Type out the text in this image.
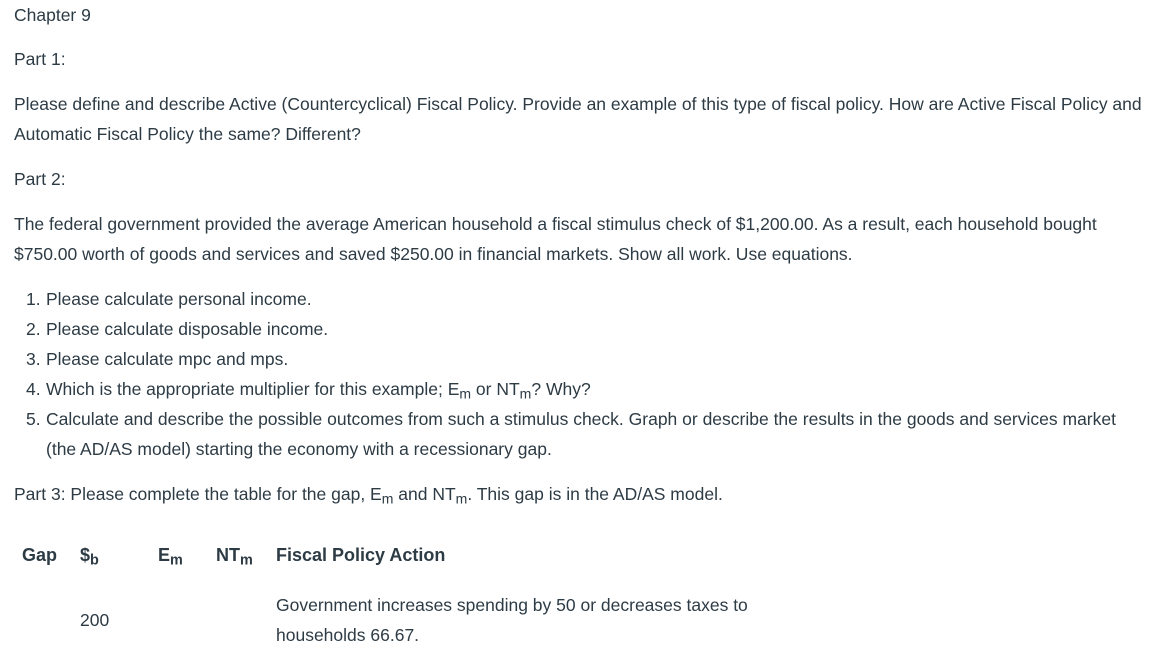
Chapter 9

Part 1:

Please define and describe Active (Countercyclical) Fiscal Policy. Provide an example of this type of fiscal policy. How are Active Fiscal Policy and Automatic Fiscal Policy the same? Different?

Part 2:

The federal government provided the average American household a fiscal stimulus check of $1,200.00. As a result, each household bought $750.00 worth of goods and services and saved $250.00 in financial markets. Show all work. Use equations.

1. Please calculate personal income.
2. Please calculate disposable income.
3. Please calculate mpc and mps.
4. Which is the appropriate multiplier for this example; $E_m$ or $NT_m$? Why?
5. Calculate and describe the possible outcomes from such a stimulus check. Graph or describe the results in the goods and services market (the AD/AS model) starting the economy with a recessionary gap.

Part 3: Please complete the table for the gap, $E_m$ and $NT_m$. This gap is in the AD/AS model.

Gap	$\$_b$	$E_m$	$NT_m$	Fiscal Policy Action

	200			Government increases spending by 50 or decreases taxes to households 66.67.
